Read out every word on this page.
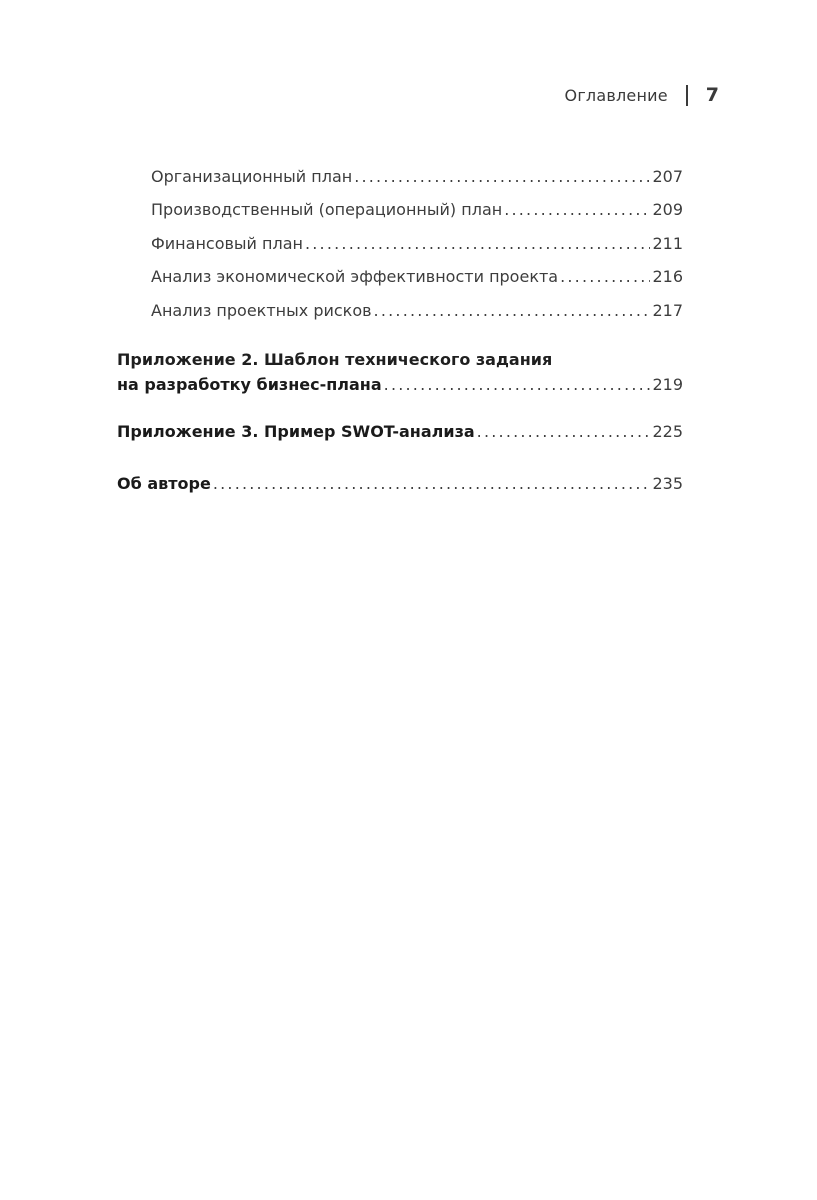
Оглавление 7
Организационный план .....	207
Производственный (операционный) план .....	209
Финансовый план .....	211
Анализ экономической эффективности проекта .....	216
Анализ проектных рисков .....	217
Приложение 2. Шаблон технического задания
на разработку бизнес-плана .....	219
Приложение 3. Пример SWOT-анализа .....	225
Об авторе .....	235
